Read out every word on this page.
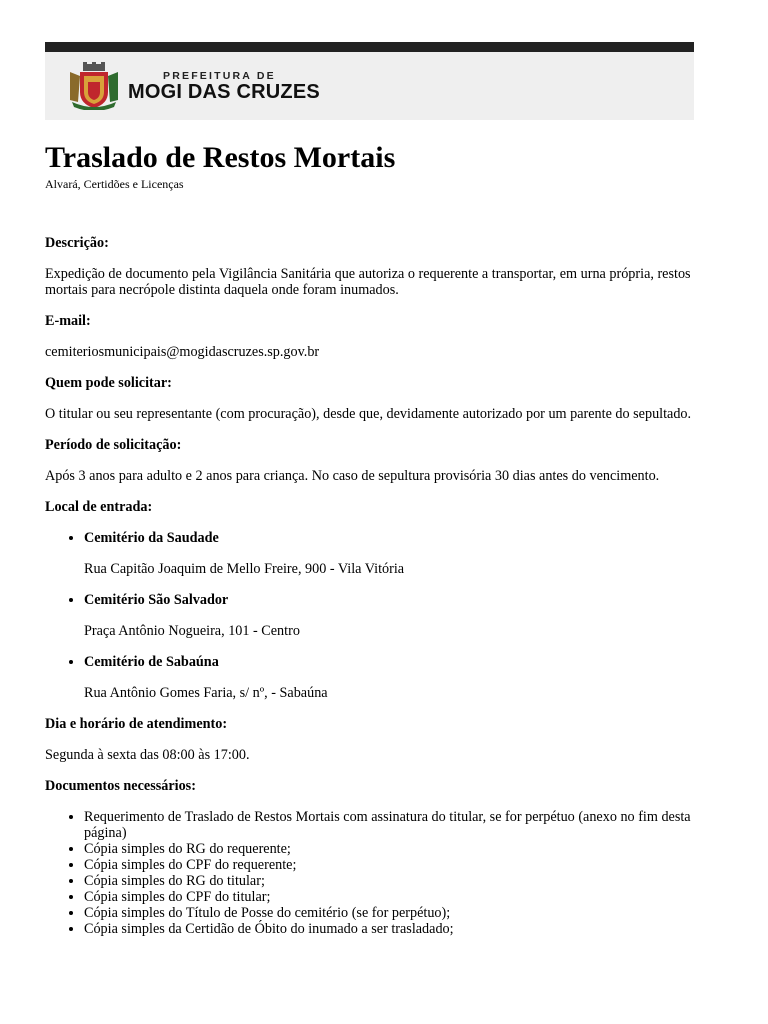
PREFEITURA DE
MOGI DAS CRUZES
Traslado de Restos Mortais
Alvará, Certidões e Licenças

Descrição:

Expedição de documento pela Vigilância Sanitária que autoriza o requerente a transportar, em urna própria, restos mortais para necrópole distinta daquela onde foram inumados.

E-mail:

cemiteriosmunicipais@mogidascruzes.sp.gov.br

Quem pode solicitar:

O titular ou seu representante (com procuração), desde que, devidamente autorizado por um parente do sepultado.

Período de solicitação:

Após 3 anos para adulto e 2 anos para criança. No caso de sepultura provisória 30 dias antes do vencimento.

Local de entrada:

• Cemitério da Saudade

Rua Capitão Joaquim de Mello Freire, 900 - Vila Vitória

• Cemitério São Salvador

Praça Antônio Nogueira, 101 - Centro

• Cemitério de Sabaúna

Rua Antônio Gomes Faria, s/ nº, - Sabaúna

Dia e horário de atendimento:

Segunda à sexta das 08:00 às 17:00.

Documentos necessários:

• Requerimento de Traslado de Restos Mortais com assinatura do titular, se for perpétuo (anexo no fim desta página)
• Cópia simples do RG do requerente;
• Cópia simples do CPF do requerente;
• Cópia simples do RG do titular;
• Cópia simples do CPF do titular;
• Cópia simples do Título de Posse do cemitério (se for perpétuo);
• Cópia simples da Certidão de Óbito do inumado a ser trasladado;
